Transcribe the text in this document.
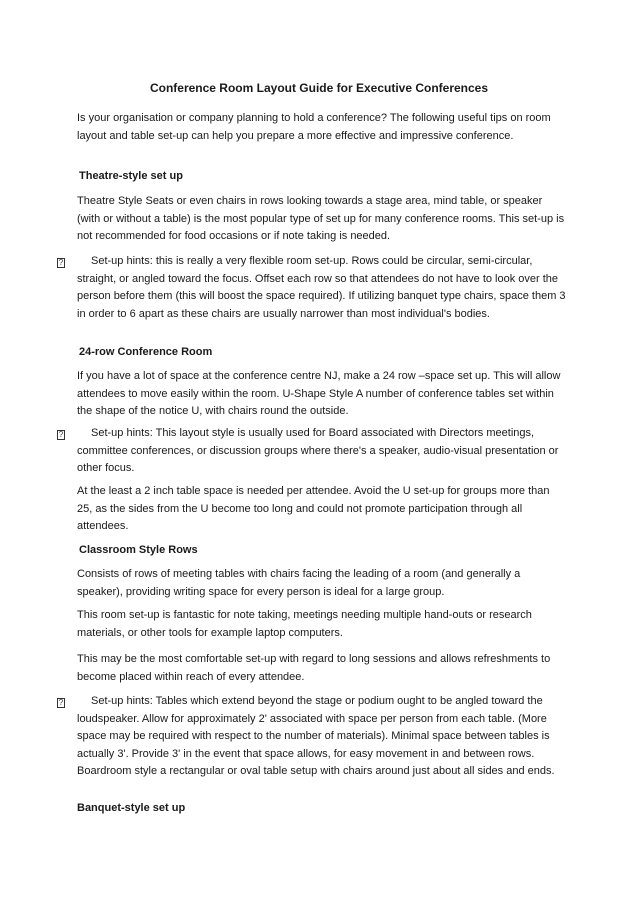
Conference Room Layout Guide for Executive Conferences

Is your organisation or company planning to hold a conference? The following useful tips on room layout and table set-up can help you prepare a more effective and impressive conference.

Theatre-style set up

Theatre Style Seats or even chairs in rows looking towards a stage area, mind table, or speaker (with or without a table) is the most popular type of set up for many conference rooms. This set-up is not recommended for food occasions or if note taking is needed.

?	Set-up hints: this is really a very flexible room set-up. Rows could be circular, semi-circular, straight, or angled toward the focus. Offset each row so that attendees do not have to look over the person before them (this will boost the space required). If utilizing banquet type chairs, space them 3 in order to 6 apart as these chairs are usually narrower than most individual's bodies.

24-row Conference Room

If you have a lot of space at the conference centre NJ, make a 24 row –space set up. This will allow attendees to move easily within the room. U-Shape Style A number of conference tables set within the shape of the notice U, with chairs round the outside.

?	Set-up hints: This layout style is usually used for Board associated with Directors meetings, committee conferences, or discussion groups where there's a speaker, audio-visual presentation or other focus.

At the least a 2 inch table space is needed per attendee. Avoid the U set-up for groups more than 25, as the sides from the U become too long and could not promote participation through all attendees.

Classroom Style Rows

Consists of rows of meeting tables with chairs facing the leading of a room (and generally a speaker), providing writing space for every person is ideal for a large group.

This room set-up is fantastic for note taking, meetings needing multiple hand-outs or research materials, or other tools for example laptop computers.

This may be the most comfortable set-up with regard to long sessions and allows refreshments to become placed within reach of every attendee.

?	Set-up hints: Tables which extend beyond the stage or podium ought to be angled toward the loudspeaker. Allow for approximately 2' associated with space per person from each table. (More space may be required with respect to the number of materials). Minimal space between tables is actually 3'. Provide 3' in the event that space allows, for easy movement in and between rows. Boardroom style a rectangular or oval table setup with chairs around just about all sides and ends.

Banquet-style set up
